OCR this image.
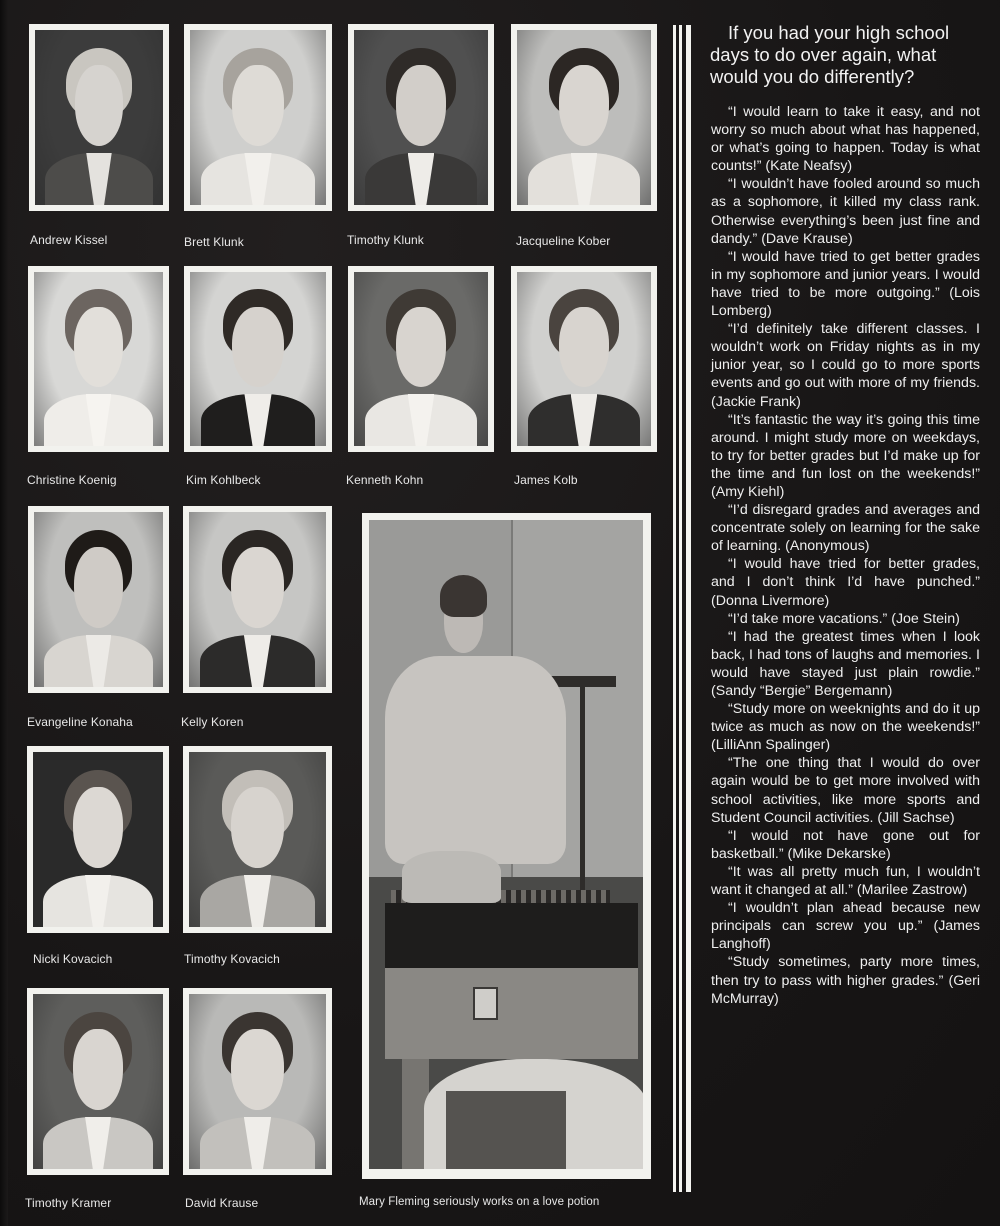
Andrew Kissel	Brett Klunk	Timothy Klunk	Jacqueline Kober
Christine Koenig	Kim Kohlbeck	Kenneth Kohn	James Kolb
Evangeline Konaha	Kelly Koren
Nicki Kovacich	Timothy Kovacich
Timothy Kramer	David Krause	Mary Fleming seriously works on a love potion
If you had your high school
days to do over again, what
would you do differently?

“I would learn to take it easy, and not worry so much about what has happened, or what’s going to happen. Today is what counts!” (Kate Neafsy)

“I wouldn’t have fooled around so much as a sophomore, it killed my class rank. Otherwise everything’s been just fine and dandy.” (Dave Krause)

“I would have tried to get better grades in my sophomore and junior years. I would have tried to be more outgoing.” (Lois Lomberg)

“I’d definitely take different classes. I wouldn’t work on Friday nights as in my junior year, so I could go to more sports events and go out with more of my friends. (Jackie Frank)

“It’s fantastic the way it’s going this time around. I might study more on weekdays, to try for better grades but I’d make up for the time and fun lost on the weekends!” (Amy Kiehl)

“I’d disregard grades and averages and concentrate solely on learning for the sake of learning. (Anonymous)

“I would have tried for better grades, and I don’t think I’d have punched.” (Donna Livermore)

“I’d take more vacations.” (Joe Stein)

“I had the greatest times when I look back, I had tons of laughs and memories. I would have stayed just plain rowdie.” (Sandy “Bergie” Bergemann)

“Study more on weeknights and do it up twice as much as now on the weekends!” (LilliAnn Spalinger)

“The one thing that I would do over again would be to get more involved with school activities, like more sports and Student Council activities. (Jill Sachse)

“I would not have gone out for basketball.” (Mike Dekarske)

“It was all pretty much fun, I wouldn’t want it changed at all.” (Marilee Zastrow)

“I wouldn’t plan ahead because new principals can screw you up.” (James Langhoff)

“Study sometimes, party more times, then try to pass with higher grades.” (Geri McMurray)
